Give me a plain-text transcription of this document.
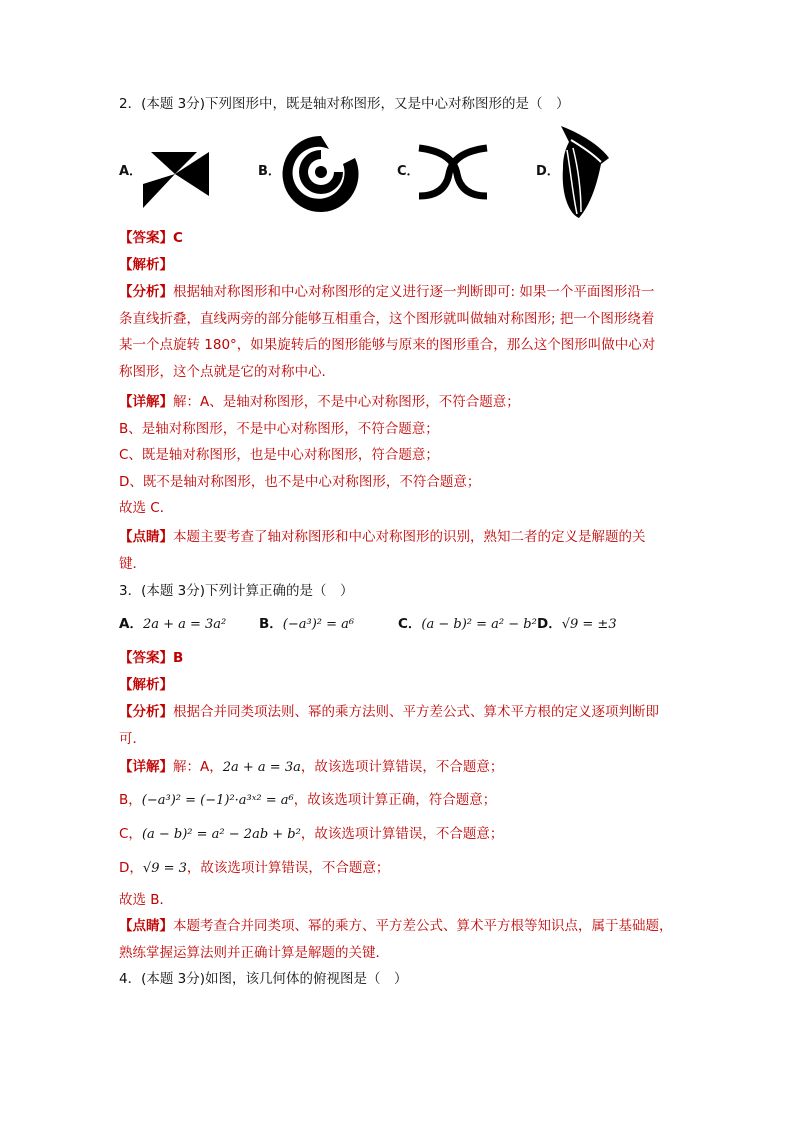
2．(本题 3分)下列图形中，既是轴对称图形，又是中心对称图形的是（　）
A．	B．	C．	D．
【答案】C
【解析】
【分析】根据轴对称图形和中心对称图形的定义进行逐一判断即可: 如果一个平面图形沿一
条直线折叠，直线两旁的部分能够互相重合，这个图形就叫做轴对称图形; 把一个图形绕着
某一个点旋转 180°，如果旋转后的图形能够与原来的图形重合，那么这个图形叫做中心对
称图形，这个点就是它的对称中心．
【详解】解：A、是轴对称图形，不是中心对称图形，不符合题意；
B、是轴对称图形，不是中心对称图形，不符合题意；
C、既是轴对称图形，也是中心对称图形，符合题意；
D、既不是轴对称图形，也不是中心对称图形，不符合题意；
故选 C．
【点睛】本题主要考查了轴对称图形和中心对称图形的识别，熟知二者的定义是解题的关
键．
3．(本题 3分)下列计算正确的是（　）
A．2a + a = 3a² B．(−a³)² = a⁶	C．(a − b)² = a² − b² D．√9 = ±3
【答案】B
【解析】
【分析】根据合并同类项法则、幂的乘方法则、平方差公式、算术平方根的定义逐项判断即
可．
【详解】解：A，2a + a = 3a，故该选项计算错误，不合题意；
B，(−a³)² = (−1)²·a³ˣ² = a⁶，故该选项计算正确，符合题意；
C，(a − b)² = a² − 2ab + b²，故该选项计算错误，不合题意；
D，√9 = 3，故该选项计算错误，不合题意；
故选 B．
【点睛】本题考查合并同类项、幂的乘方、平方差公式、算术平方根等知识点，属于基础题，
熟练掌握运算法则并正确计算是解题的关键．
4．(本题 3分)如图，该几何体的俯视图是（　）
